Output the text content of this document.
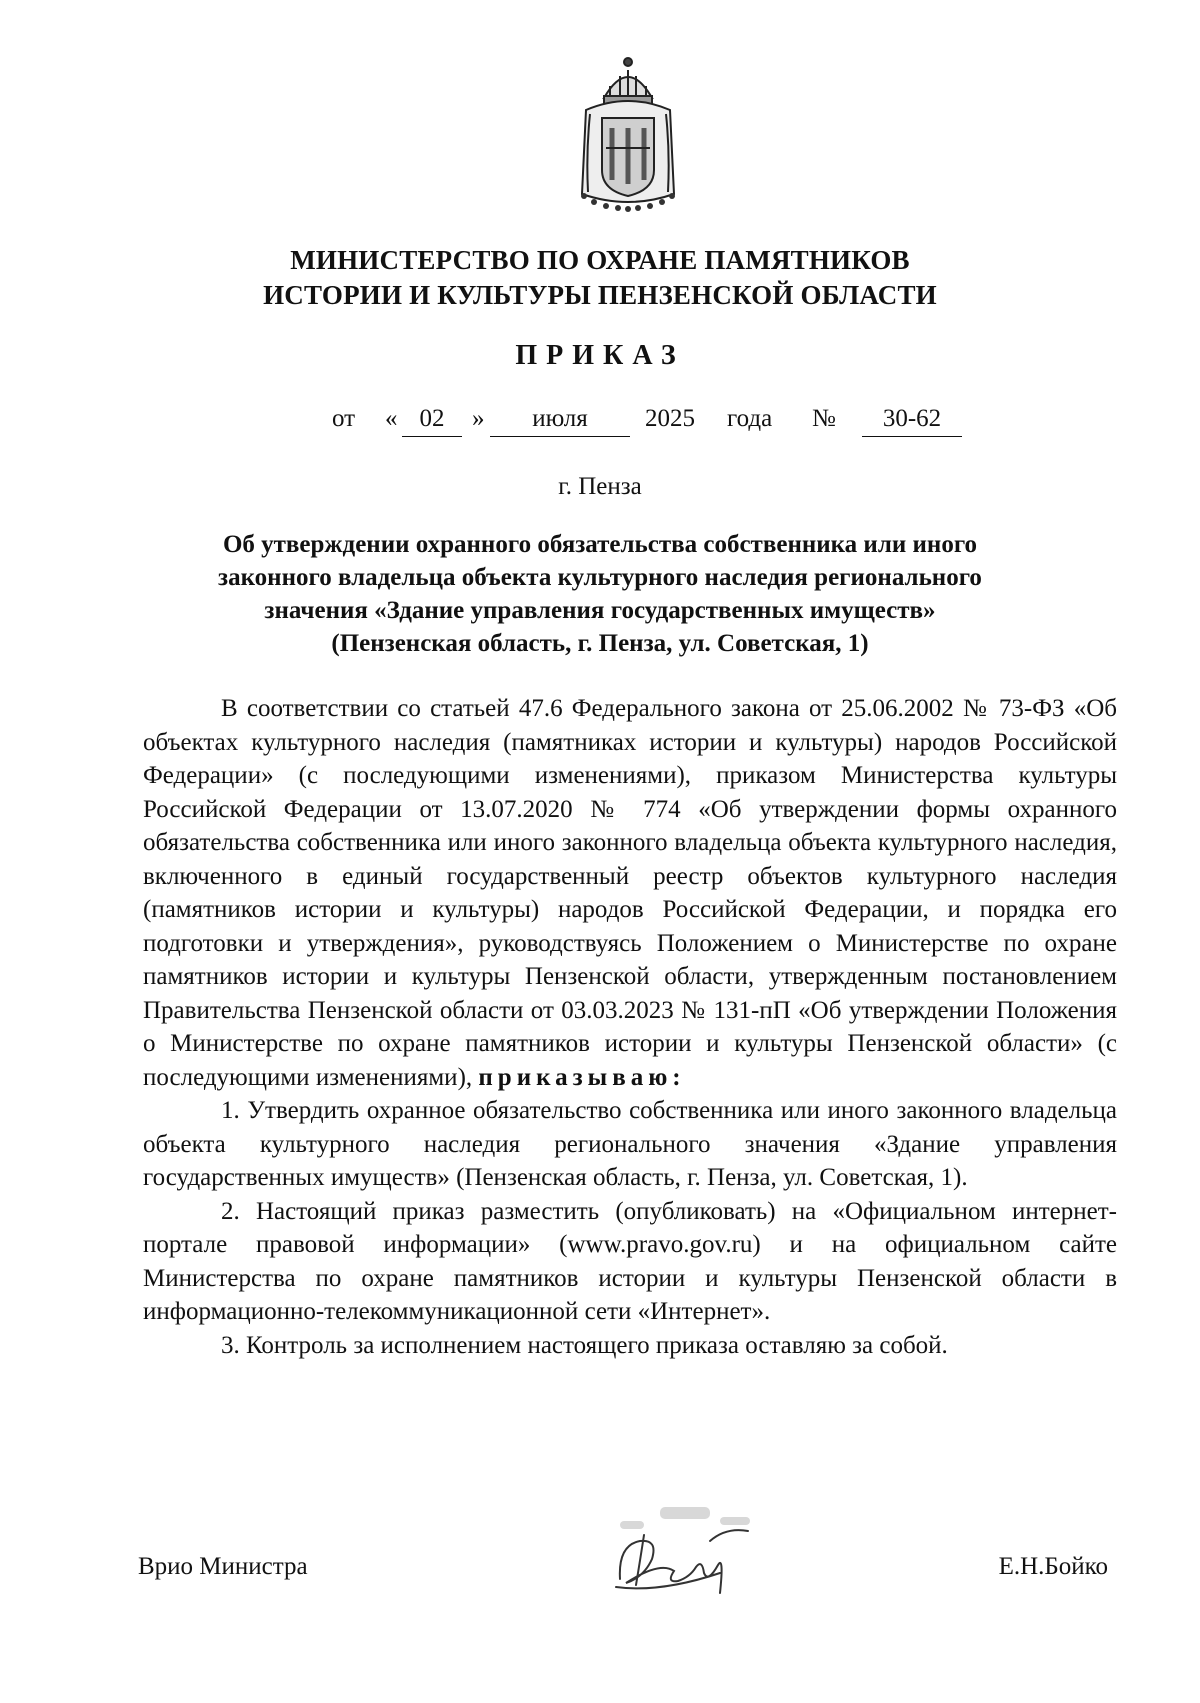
МИНИСТЕРСТВО ПО ОХРАНЕ ПАМЯТНИКОВ
ИСТОРИИ И КУЛЬТУРЫ ПЕНЗЕНСКОЙ ОБЛАСТИ
ПРИКАЗ
от « 02	»	июля	2025 года №	30-62
г. Пенза
Об утверждении охранного обязательства собственника или иного
законного владельца объекта культурного наследия регионального
значения «Здание управления государственных имуществ»
(Пензенская область, г. Пенза, ул. Советская, 1)

В соответствии со статьей 47.6 Федерального закона от 25.06.2002 № 73-ФЗ «Об объектах культурного наследия (памятниках истории и культуры) народов Российской Федерации» (с последующими изменениями), приказом Министерства культуры Российской Федерации от 13.07.2020 № 774 «Об утверждении формы охранного обязательства собственника или иного законного владельца объекта культурного наследия, включенного в единый государственный реестр объектов культурного наследия (памятников истории и культуры) народов Российской Федерации, и порядка его подготовки и утверждения», руководствуясь Положением о Министерстве по охране памятников истории и культуры Пензенской области, утвержденным постановлением Правительства Пензенской области от 03.03.2023 № 131-пП «Об утверждении Положения о Министерстве по охране памятников истории и культуры Пензенской области» (с последующими изменениями), приказываю:

1. Утвердить охранное обязательство собственника или иного законного владельца объекта культурного наследия регионального значения «Здание управления государственных имуществ» (Пензенская область, г. Пенза, ул. Советская, 1).

2. Настоящий приказ разместить (опубликовать) на «Официальном интернет-портале правовой информации» (www.pravo.gov.ru) и на официальном сайте Министерства по охране памятников истории и культуры Пензенской области в информационно-телекоммуникационной сети «Интернет».

3. Контроль за исполнением настоящего приказа оставляю за собой.

Врио Министра	Е.Н.Бойко
